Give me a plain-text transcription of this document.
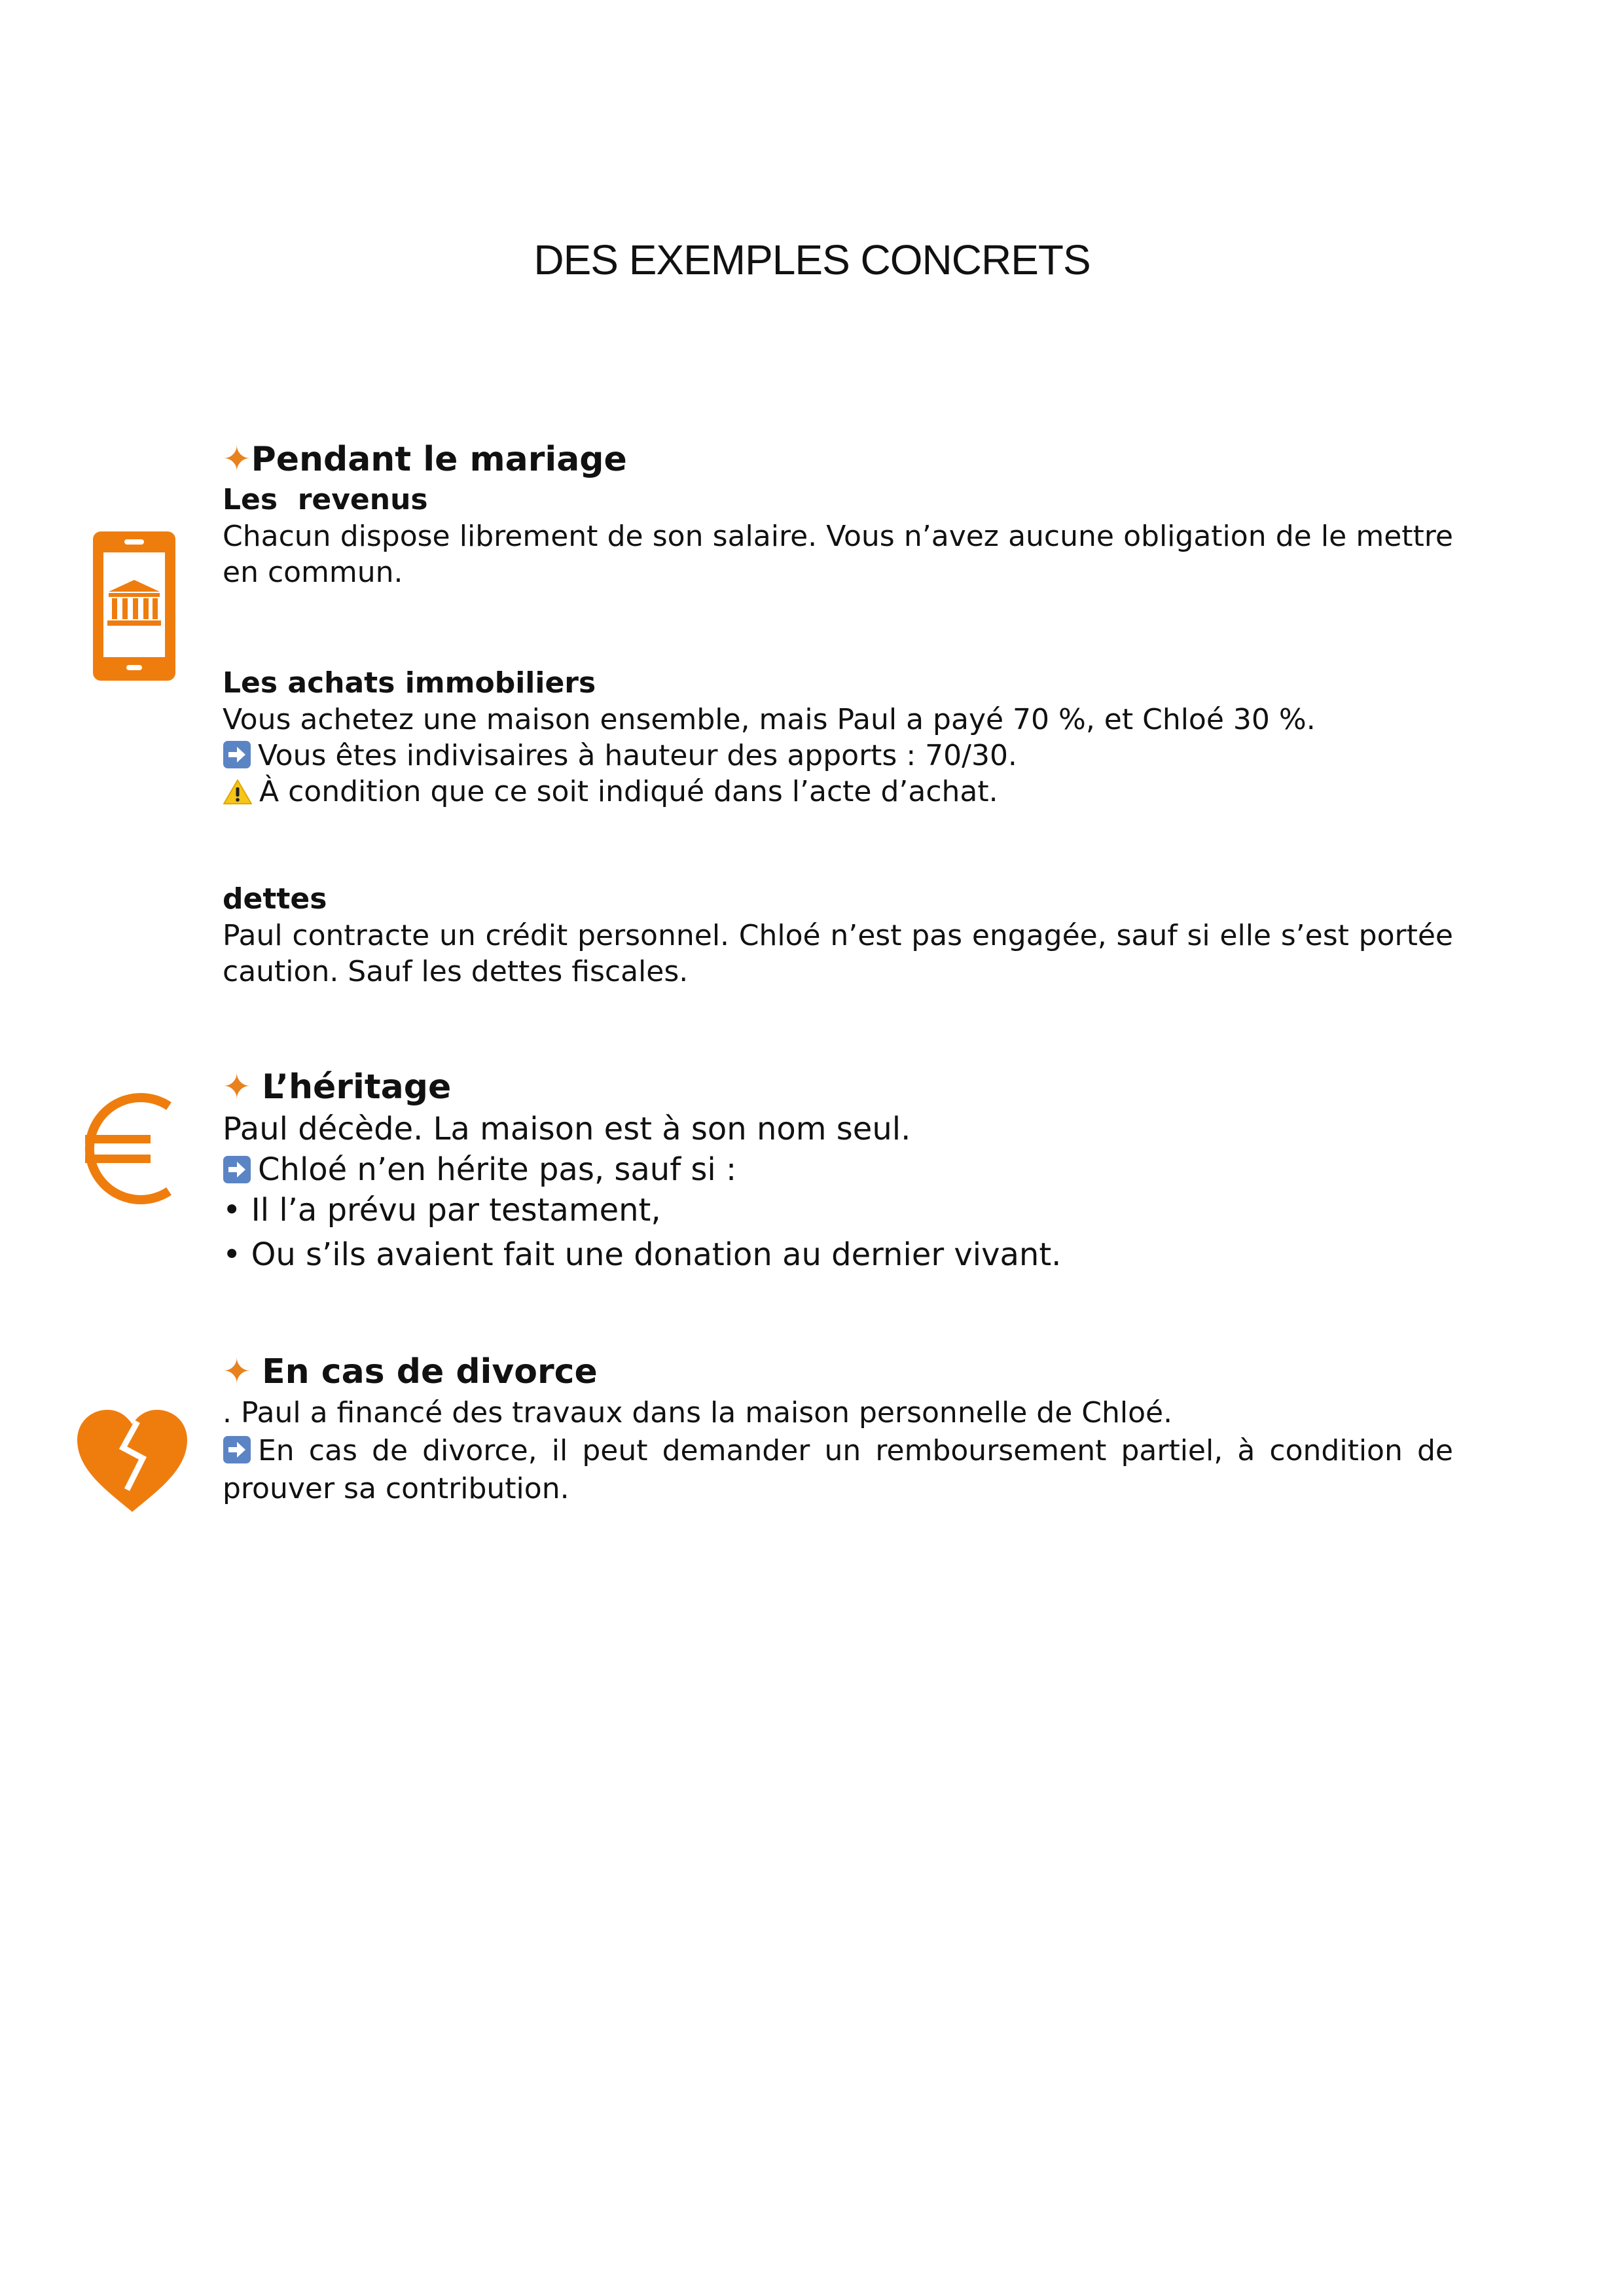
DES EXEMPLES CONCRETS
✦Pendant le mariage
Les  revenus
Chacun dispose librement de son salaire. Vous n’avez aucune obligation de le mettre en commun.
Les achats immobiliers
Vous achetez une maison ensemble, mais Paul a payé 70 %, et Chloé 30 %.
Vous êtes indivisaires à hauteur des apports : 70/30.
À condition que ce soit indiqué dans l’acte d’achat.
dettes
Paul contracte un crédit personnel. Chloé n’est pas engagée, sauf si elle s’est portée caution. Sauf les dettes fiscales.
✦ L’héritage
Paul décède. La maison est à son nom seul.
Chloé n’en hérite pas, sauf si :
• Il l’a prévu par testament,
• Ou s’ils avaient fait une donation au dernier vivant.
✦ En cas de divorce
. Paul a financé des travaux dans la maison personnelle de Chloé.
En cas de divorce, il peut demander un remboursement partiel, à condition de prouver sa contribution.
